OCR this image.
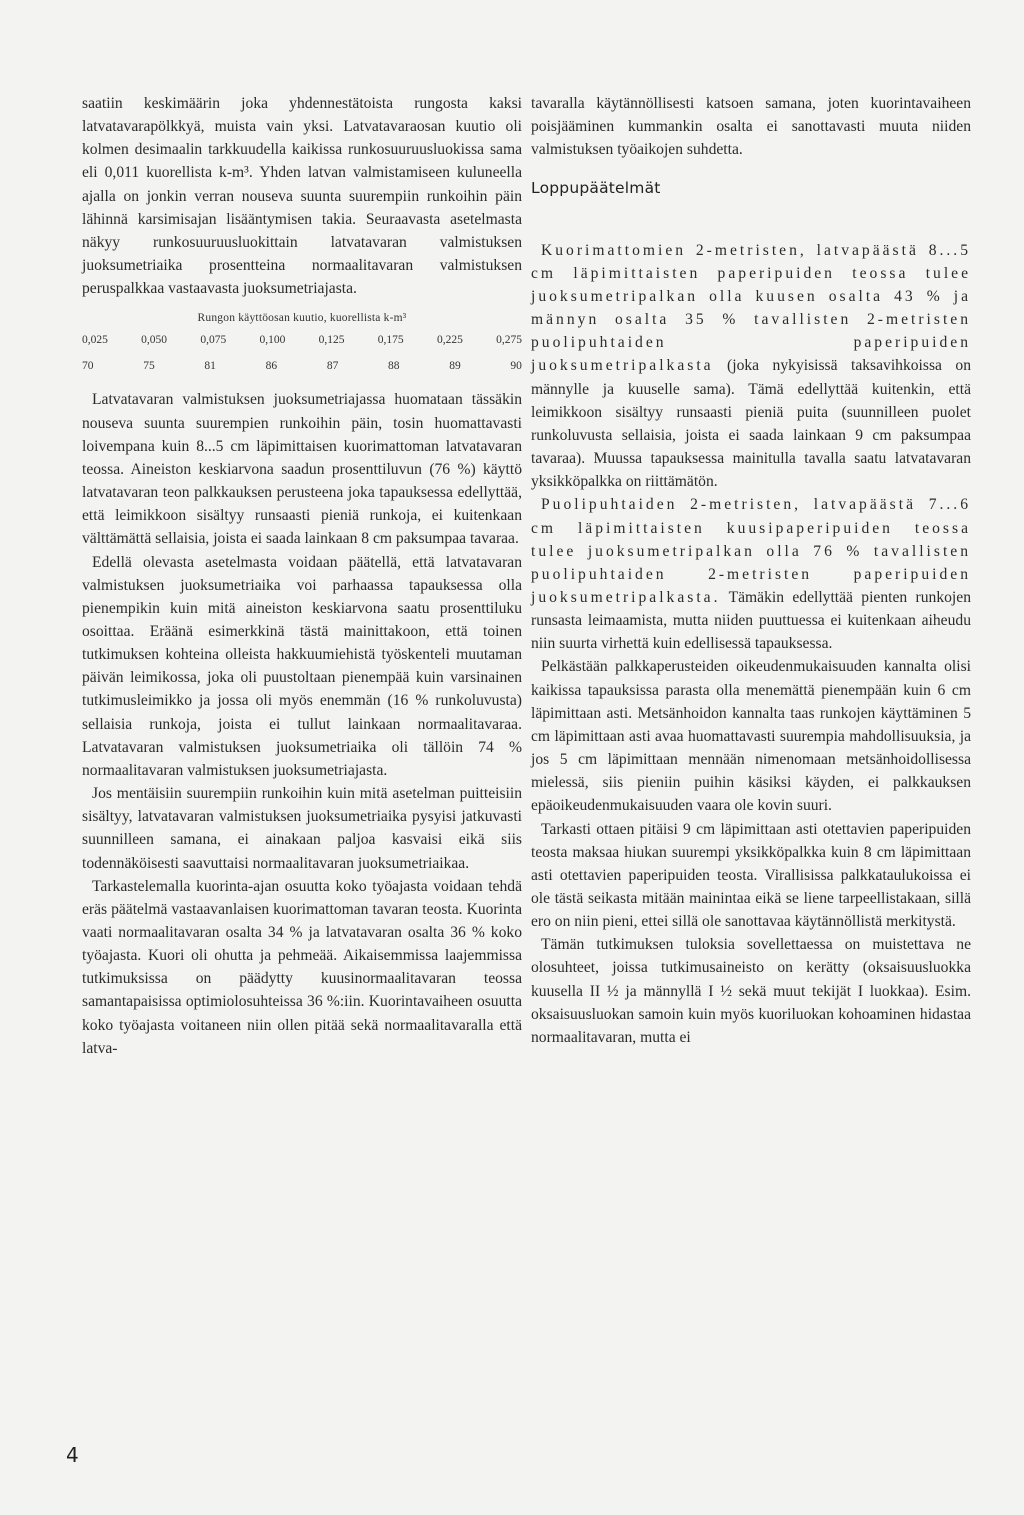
saatiin keskimäärin joka yhdennestätoista rungosta kaksi latvatavarapölkkyä, muista vain yksi. Latvatavaraosan kuutio oli kolmen desimaalin tarkkuudella kaikissa runkosuuruusluokissa sama eli 0,011 kuorellista k-m³. Yhden latvan valmistamiseen kuluneella ajalla on jonkin verran nouseva suunta suurempiin runkoihin päin lähinnä karsimisajan lisääntymisen takia. Seuraavasta asetelmasta näkyy runkosuuruusluokittain latvatavaran valmistuksen juoksumetriaika prosentteina normaalitavaran valmistuksen peruspalkkaa vastaavasta juoksumetriajasta.

Rungon käyttöosan kuutio, kuorellista k-m³
0,025	0,050	0,075	0,100	0,125	0,175	0,225	0,275
70	75	81	86	87	88	89	90

Latvatavaran valmistuksen juoksumetriajassa huomataan tässäkin nouseva suunta suurempien runkoihin päin, tosin huomattavasti loivempana kuin 8...5 cm läpimittaisen kuorimattoman latvatavaran teossa. Aineiston keskiarvona saadun prosenttiluvun (76 %) käyttö latvatavaran teon palkkauksen perusteena joka tapauksessa edellyttää, että leimikkoon sisältyy runsaasti pieniä runkoja, ei kuitenkaan välttämättä sellaisia, joista ei saada lainkaan 8 cm paksumpaa tavaraa.

Edellä olevasta asetelmasta voidaan päätellä, että latvatavaran valmistuksen juoksumetriaika voi parhaassa tapauksessa olla pienempikin kuin mitä aineiston keskiarvona saatu prosenttiluku osoittaa. Eräänä esimerkkinä tästä mainittakoon, että toinen tutkimuksen kohteina olleista hakkuumiehistä työskenteli muutaman päivän leimikossa, joka oli puustoltaan pienempää kuin varsinainen tutkimusleimikko ja jossa oli myös enemmän (16 % runkoluvusta) sellaisia runkoja, joista ei tullut lainkaan normaalitavaraa. Latvatavaran valmistuksen juoksumetriaika oli tällöin 74 % normaalitavaran valmistuksen juoksumetriajasta.

Jos mentäisiin suurempiin runkoihin kuin mitä asetelman puitteisiin sisältyy, latvatavaran valmistuksen juoksumetriaika pysyisi jatkuvasti suunnilleen samana, ei ainakaan paljoa kasvaisi eikä siis todennäköisesti saavuttaisi normaalitavaran juoksumetriaikaa.

Tarkastelemalla kuorinta-ajan osuutta koko työajasta voidaan tehdä eräs päätelmä vastaavanlaisen kuorimattoman tavaran teosta. Kuorinta vaati normaalitavaran osalta 34 % ja latvatavaran osalta 36 % koko työajasta. Kuori oli ohutta ja pehmeää. Aikaisemmissa laajemmissa tutkimuksissa on päädytty kuusinormaalitavaran teossa samantapaisissa optimiolosuhteissa 36 %:iin. Kuorintavaiheen osuutta koko työajasta voitaneen niin ollen pitää sekä normaalitavaralla että latva-

tavaralla käytännöllisesti katsoen samana, joten kuorintavaiheen poisjääminen kummankin osalta ei sanottavasti muuta niiden valmistuksen työaikojen suhdetta.

Loppupäätelmät

Kuorimattomien 2-metristen, latvapäästä 8...5 cm läpimittaisten paperipuiden teossa tulee juoksumetripalkan olla kuusen osalta 43 % ja männyn osalta 35 % tavallisten 2-metristen puolipuhtaiden paperipuiden juoksumetripalkasta (joka nykyisissä taksavihkoissa on männylle ja kuuselle sama). Tämä edellyttää kuitenkin, että leimikkoon sisältyy runsaasti pieniä puita (suunnilleen puolet runkoluvusta sellaisia, joista ei saada lainkaan 9 cm paksumpaa tavaraa). Muussa tapauksessa mainitulla tavalla saatu latvatavaran yksikköpalkka on riittämätön.

Puolipuhtaiden 2-metristen, latvapäästä 7...6 cm läpimittaisten kuusipaperipuiden teossa tulee juoksumetripalkan olla 76 % tavallisten puolipuhtaiden 2-metristen paperipuiden juoksumetripalkasta. Tämäkin edellyttää pienten runkojen runsasta leimaamista, mutta niiden puuttuessa ei kuitenkaan aiheudu niin suurta virhettä kuin edellisessä tapauksessa.

Pelkästään palkkaperusteiden oikeudenmukaisuuden kannalta olisi kaikissa tapauksissa parasta olla menemättä pienempään kuin 6 cm läpimittaan asti. Metsänhoidon kannalta taas runkojen käyttäminen 5 cm läpimittaan asti avaa huomattavasti suurempia mahdollisuuksia, ja jos 5 cm läpimittaan mennään nimenomaan metsänhoidollisessa mielessä, siis pieniin puihin käsiksi käyden, ei palkkauksen epäoikeudenmukaisuuden vaara ole kovin suuri.

Tarkasti ottaen pitäisi 9 cm läpimittaan asti otettavien paperipuiden teosta maksaa hiukan suurempi yksikköpalkka kuin 8 cm läpimittaan asti otettavien paperipuiden teosta. Virallisissa palkkataulukoissa ei ole tästä seikasta mitään mainintaa eikä se liene tarpeellistakaan, sillä ero on niin pieni, ettei sillä ole sanottavaa käytännöllistä merkitystä.

Tämän tutkimuksen tuloksia sovellettaessa on muistettava ne olosuhteet, joissa tutkimusaineisto on kerätty (oksaisuusluokka kuusella II ½ ja männyllä I ½ sekä muut tekijät I luokkaa). Esim. oksaisuusluokan samoin kuin myös kuoriluokan kohoaminen hidastaa normaalitavaran, mutta ei

4
